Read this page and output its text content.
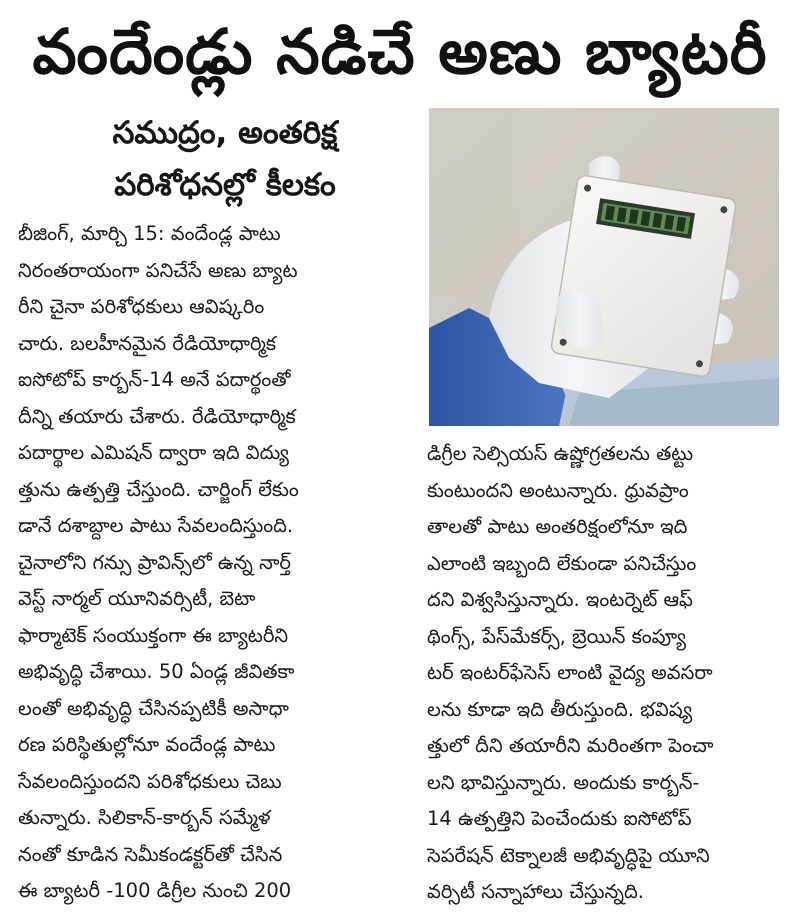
వందేండ్లు నడిచే అణు బ్యాటరీ
సముద్రం, అంతరిక్ష
పరిశోధనల్లో కీలకం
బీజింగ్, మార్చి 15: వందేండ్ల పాటు
నిరంతరాయంగా పనిచేసే అణు బ్యాట
రీని చైనా పరిశోధకులు ఆవిష్కరిం
చారు. బలహీనమైన రేడియోధార్మిక
ఐసోటోప్ కార్బన్-14 అనే పదార్థంతో
దీన్ని తయారు చేశారు. రేడియోధార్మిక
పదార్థాల ఎమిషన్ ద్వారా ఇది విద్యు
త్తును ఉత్పత్తి చేస్తుంది. చార్జింగ్ లేకుం
డానే దశాబ్దాల పాటు సేవలందిస్తుంది.
చైనాలోని గన్సు ప్రావిన్స్‌లో ఉన్న నార్త్
వెస్ట్ నార్మల్ యూనివర్సిటీ, బెటా
ఫార్మాటెక్ సంయుక్తంగా ఈ బ్యాటరీని
అభివృద్ధి చేశాయి. 50 ఏండ్ల జీవితకా
లంతో అభివృద్ధి చేసినప్పటికీ అసాధా
రణ పరిస్థితుల్లోనూ వందేండ్ల పాటు
సేవలందిస్తుందని పరిశోధకులు చెబు
తున్నారు. సిలికాన్-కార్బన్ సమ్మేళ
నంతో కూడిన సెమీకండక్టర్‌తో చేసిన
ఈ బ్యాటరీ -100 డిగ్రీల నుంచి 200
డిగ్రీల సెల్సియస్ ఉష్ణోగ్రతలను తట్టు
కుంటుందని అంటున్నారు. ధ్రువప్రాం
తాలతో పాటు అంతరిక్షంలోనూ ఇది
ఎలాంటి ఇబ్బంది లేకుండా పనిచేస్తుం
దని విశ్వసిస్తున్నారు. ఇంటర్నెట్ ఆఫ్
థింగ్స్, పేస్‌మేకర్స్, బ్రెయిన్ కంప్యూ
టర్ ఇంటర్‌ఫేసెస్ లాంటి వైద్య అవసరా
లను కూడా ఇది తీరుస్తుంది. భవిష్య
త్తులో దీని తయారీని మరింతగా పెంచా
లని భావిస్తున్నారు. అందుకు కార్బన్-
14 ఉత్పత్తిని పెంచేందుకు ఐసోటోప్
సెపరేషన్ టెక్నాలజీ అభివృద్ధిపై యూని
వర్సిటీ సన్నాహాలు చేస్తున్నది.
